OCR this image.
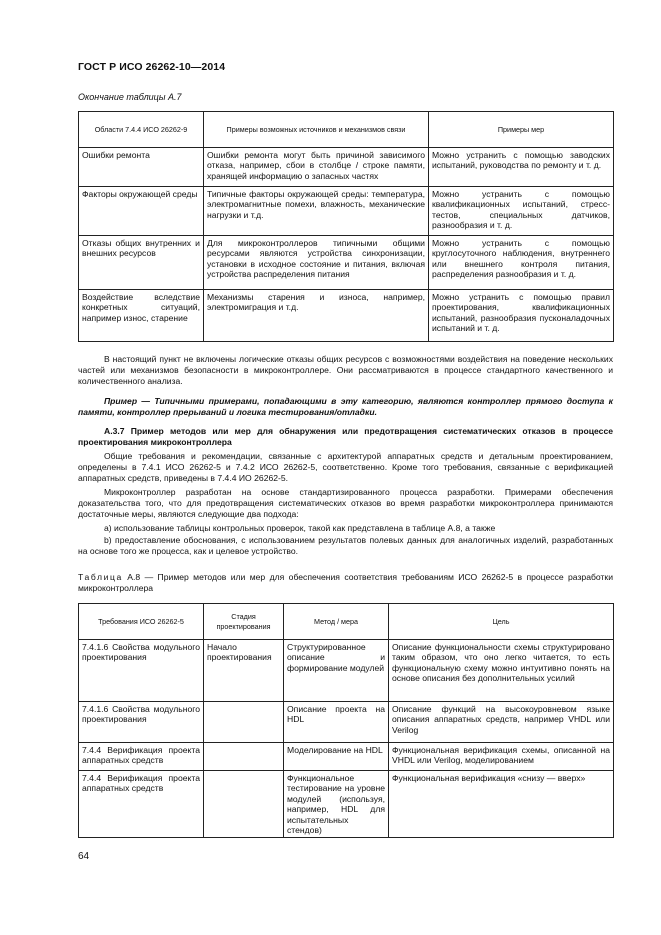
ГОСТ Р ИСО 26262-10—2014
Окончание таблицы А.7
Области 7.4.4 ИСО 26262-9	Примеры возможных источников и механизмов связи	Примеры мер
Ошибки ремонта	Ошибки ремонта могут быть причиной зависимого отказа, например, сбои в столбце / строке памяти, хранящей информацию о запасных частях	Можно устранить с помощью заводских испытаний, руководства по ремонту и т. д.
Факторы окружающей среды	Типичные факторы окружающей среды: температура, электромагнитные помехи, влажность, механические нагрузки и т.д.	Можно устранить с помощью квалификационных испытаний, стресс-тестов, специальных датчиков, разнообразия и т. д.
Отказы общих внутренних и внешних ресурсов	Для микроконтроллеров типичными общими ресурсами являются устройства синхронизации, установки в исходное состояние и питания, включая устройства распределения питания	Можно устранить с помощью круглосуточного наблюдения, внутреннего или внешнего контроля питания, распределения разнообразия и т. д.
Воздействие вследствие конкретных ситуаций, например износ, старение	Механизмы старения и износа, например, электромиграция и т.д.	Можно устранить с помощью правил проектирования, квалификационных испытаний, разнообразия пусконаладочных испытаний и т. д.
В настоящий пункт не включены логические отказы общих ресурсов с возможностями воздействия на поведение нескольких частей или механизмов безопасности в микроконтроллере. Они рассматриваются в процессе стандартного качественного и количественного анализа.
Пример — Типичными примерами, попадающими в эту категорию, являются контроллер прямого доступа к памяти, контроллер прерываний и логика тестирования/отладки.
А.3.7 Пример методов или мер для обнаружения или предотвращения систематических отказов в процессе проектирования микроконтроллера
Общие требования и рекомендации, связанные с архитектурой аппаратных средств и детальным проектированием, определены в 7.4.1 ИСО 26262-5 и 7.4.2 ИСО 26262-5, соответственно. Кроме того требования, связанные с верификацией аппаратных средств, приведены в 7.4.4 ИО 26262-5.
Микроконтроллер разработан на основе стандартизированного процесса разработки. Примерами обеспечения доказательства того, что для предотвращения систематических отказов во время разработки микроконтроллера принимаются достаточные меры, являются следующие два подхода:
a) использование таблицы контрольных проверок, такой как представлена в таблице А.8, а также
b) предоставление обоснования, с использованием результатов полевых данных для аналогичных изделий, разработанных на основе того же процесса, как и целевое устройство.
Таблица А.8 — Пример методов или мер для обеспечения соответствия требованиям ИСО 26262-5 в процессе разработки микроконтроллера
Требования ИСО 26262-5	Стадия проектирования	Метод / мера	Цель
7.4.1.6 Свойства модульного проектирования	Начало проектирования	Структурированное описание и формирование модулей	Описание функциональности схемы структурировано таким образом, что оно легко читается, то есть функциональную схему можно интуитивно понять на основе описания без дополнительных усилий
7.4.1.6 Свойства модульного проектирования		Описание проекта на HDL	Описание функций на высокоуровневом языке описания аппаратных средств, например VHDL или Verilog
7.4.4 Верификация проекта аппаратных средств		Моделирование на HDL	Функциональная верификация схемы, описанной на VHDL или Verilog, моделированием
7.4.4 Верификация проекта аппаратных средств		Функциональное тестирование на уровне модулей (используя, например, HDL для испытательных стендов)	Функциональная верификация «снизу — вверх»
64
